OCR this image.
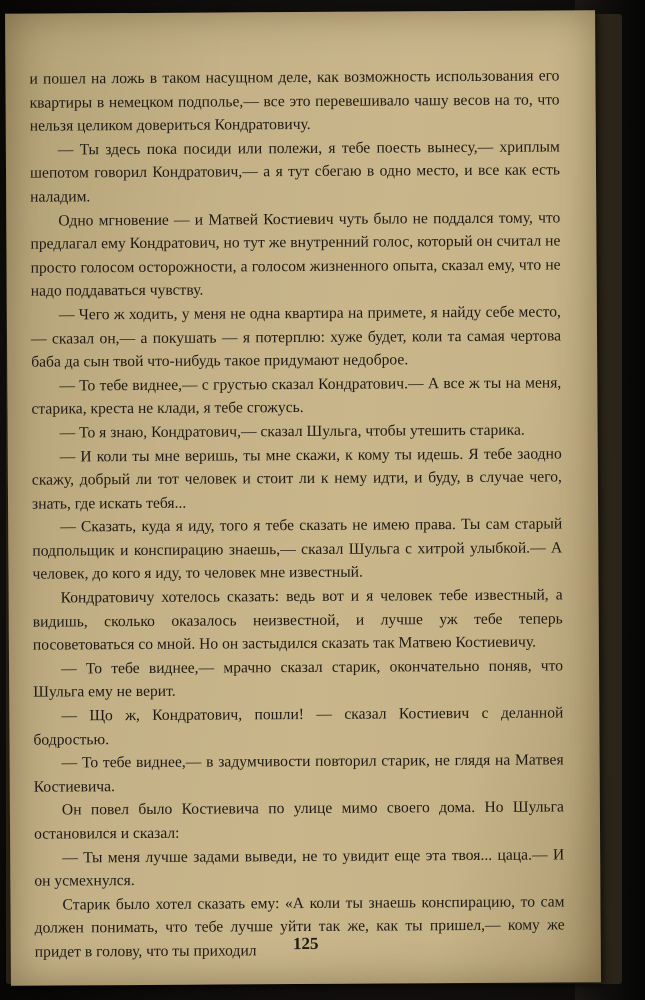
и пошел на ложь в таком насущном деле, как возможность использования его квартиры в немецком подполье,— все это перевешивало чашу весов на то, что нельзя целиком довериться Кондратовичу.

— Ты здесь пока посиди или полежи, я тебе поесть вынесу,— хриплым шепотом говорил Кондратович,— а я тут сбегаю в одно место, и все как есть наладим.

Одно мгновение — и Матвей Костиевич чуть было не поддался тому, что предлагал ему Кондратович, но тут же внутренний голос, который он считал не просто голосом осторожности, а голосом жизненного опыта, сказал ему, что не надо поддаваться чувству.

— Чего ж ходить, у меня не одна квартира на примете, я найду себе место,— сказал он,— а покушать — я потерплю: хуже будет, коли та самая чертова баба да сын твой что-нибудь такое придумают недоброе.

— То тебе виднее,— с грустью сказал Кондратович.— А все ж ты на меня, старика, креста не клади, я тебе сгожусь.

— То я знаю, Кондратович,— сказал Шульга, чтобы утешить старика.

— И коли ты мне веришь, ты мне скажи, к кому ты идешь. Я тебе заодно скажу, добрый ли тот человек и стоит ли к нему идти, и буду, в случае чего, знать, где искать тебя...

— Сказать, куда я иду, того я тебе сказать не имею права. Ты сам старый подпольщик и конспирацию знаешь,— сказал Шульга с хитрой улыбкой.— А человек, до кого я иду, то человек мне известный.

Кондратовичу хотелось сказать: ведь вот и я человек тебе известный, а видишь, сколько оказалось неизвестной, и лучше уж тебе теперь посоветоваться со мной. Но он застыдился сказать так Матвею Костиевичу.

— То тебе виднее,— мрачно сказал старик, окончательно поняв, что Шульга ему не верит.

— Що ж, Кондратович, пошли! — сказал Костиевич с деланной бодростью.

— То тебе виднее,— в задумчивости повторил старик, не глядя на Матвея Костиевича.

Он повел было Костиевича по улице мимо своего дома. Но Шульга остановился и сказал:

— Ты меня лучше задами выведи, не то увидит еще эта твоя... цаца.— И он усмехнулся.

Старик было хотел сказать ему: «А коли ты знаешь конспирацию, то сам должен понимать, что тебе лучше уйти так же, как ты пришел,— кому же придет в голову, что ты приходил	125
